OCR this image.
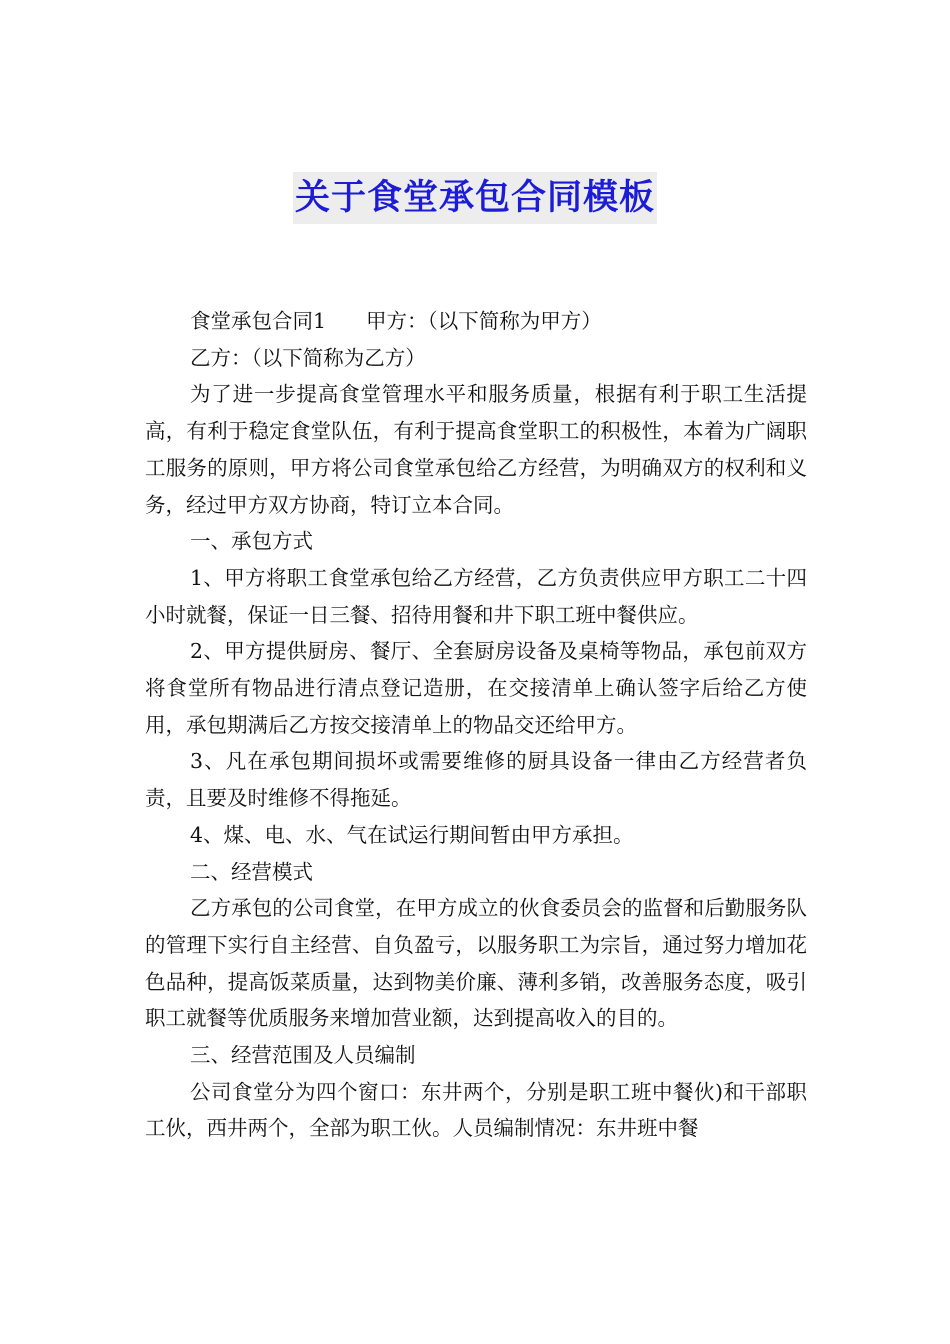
关于食堂承包合同模板

食堂承包合同1 甲方：（以下简称为甲方）

乙方：（以下简称为乙方）

为了进一步提高食堂管理水平和服务质量，根据有利于职工生活提高，有利于稳定食堂队伍，有利于提高食堂职工的积极性，本着为广阔职工服务的原则，甲方将公司食堂承包给乙方经营，为明确双方的权利和义务，经过甲方双方协商，特订立本合同。

一、承包方式

1、甲方将职工食堂承包给乙方经营，乙方负责供应甲方职工二十四小时就餐，保证一日三餐、招待用餐和井下职工班中餐供应。

2、甲方提供厨房、餐厅、全套厨房设备及桌椅等物品，承包前双方将食堂所有物品进行清点登记造册，在交接清单上确认签字后给乙方使用，承包期满后乙方按交接清单上的物品交还给甲方。

3、凡在承包期间损坏或需要维修的厨具设备一律由乙方经营者负责，且要及时维修不得拖延。

4、煤、电、水、气在试运行期间暂由甲方承担。

二、经营模式

乙方承包的公司食堂，在甲方成立的伙食委员会的监督和后勤服务队的管理下实行自主经营、自负盈亏，以服务职工为宗旨，通过努力增加花色品种，提高饭菜质量，达到物美价廉、薄利多销，改善服务态度，吸引职工就餐等优质服务来增加营业额，达到提高收入的目的。

三、经营范围及人员编制

公司食堂分为四个窗口：东井两个，分别是职工班中餐伙)和干部职工伙，西井两个，全部为职工伙。人员编制情况：东井班中餐
